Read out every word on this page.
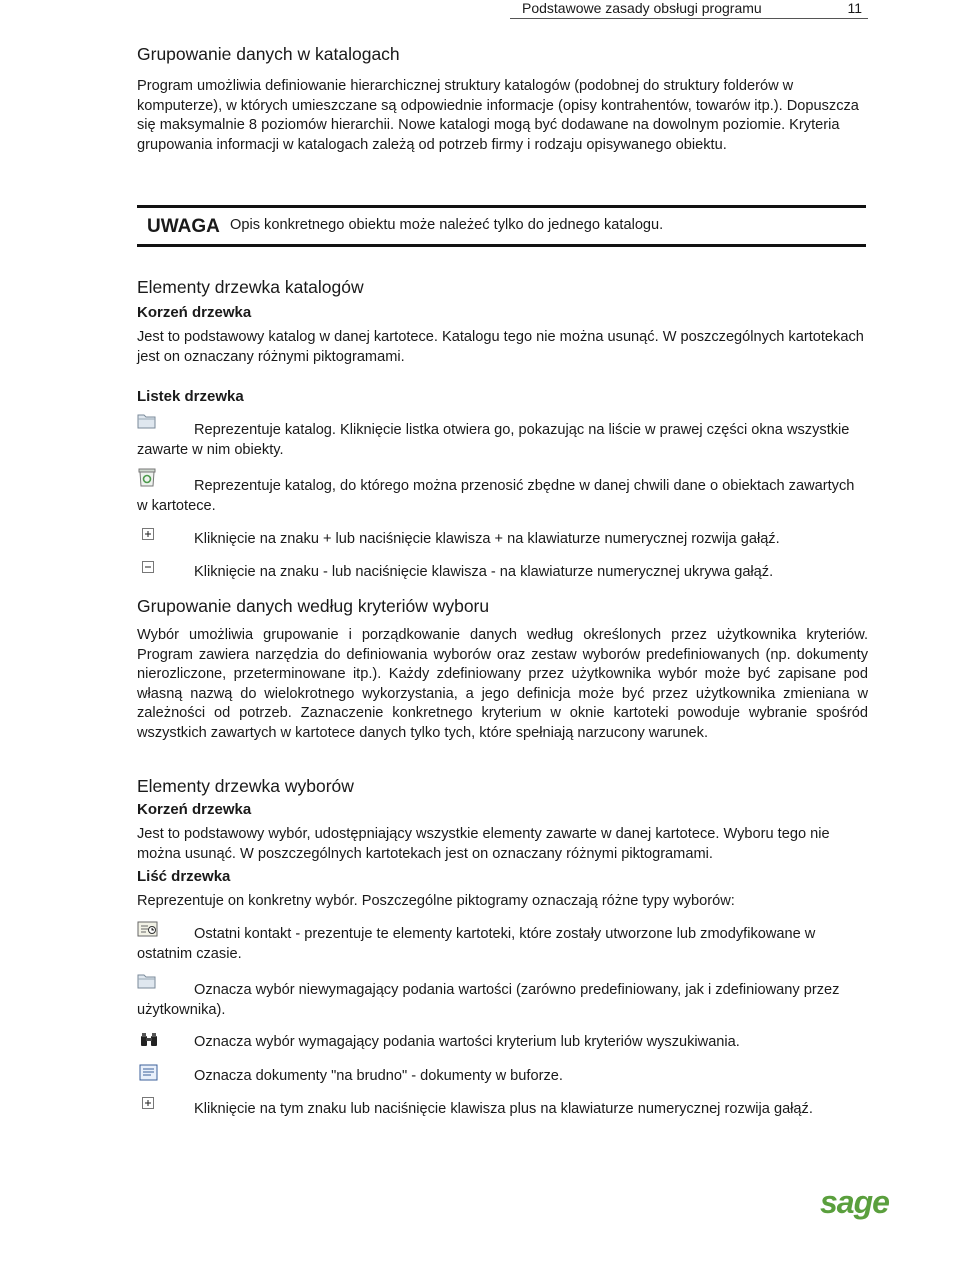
Podstawowe zasady obsługi programu	11
Grupowanie danych w katalogach

Program umożliwia definiowanie hierarchicznej struktury katalogów (podobnej do struktury folderów w komputerze), w których umieszczane są odpowiednie informacje (opisy kontrahentów, towarów itp.). Dopuszcza się maksymalnie 8 poziomów hierarchii. Nowe katalogi mogą być dodawane na dowolnym poziomie. Kryteria grupowania informacji w katalogach zależą od potrzeb firmy i rodzaju opisywanego obiektu.

UWAGA Opis konkretnego obiektu może należeć tylko do jednego katalogu.
Elementy drzewka katalogów
Korzeń drzewka

Jest to podstawowy katalog w danej kartotece. Katalogu tego nie można usunąć. W poszczególnych kartotekach jest on oznaczany różnymi piktogramami.

Listek drzewka

Reprezentuje katalog. Kliknięcie listka otwiera go, pokazując na liście w prawej części okna wszystkie zawarte w nim obiekty.

Reprezentuje katalog, do którego można przenosić zbędne w danej chwili dane o obiektach zawartych w kartotece.

Kliknięcie na znaku + lub naciśnięcie klawisza + na klawiaturze numerycznej rozwija gałąź.

Kliknięcie na znaku - lub naciśnięcie klawisza - na klawiaturze numerycznej ukrywa gałąź.

Grupowanie danych według kryteriów wyboru

Wybór umożliwia grupowanie i porządkowanie danych według określonych przez użytkownika kryteriów. Program zawiera narzędzia do definiowania wyborów oraz zestaw wyborów predefiniowanych (np. dokumenty nierozliczone, przeterminowane itp.). Każdy zdefiniowany przez użytkownika wybór może być zapisane pod własną nazwą do wielokrotnego wykorzystania, a jego definicja może być przez użytkownika zmieniana w zależności od potrzeb. Zaznaczenie konkretnego kryterium w oknie kartoteki powoduje wybranie spośród wszystkich zawartych w kartotece danych tylko tych, które spełniają narzucony warunek.

Elementy drzewka wyborów
Korzeń drzewka

Jest to podstawowy wybór, udostępniający wszystkie elementy zawarte w danej kartotece. Wyboru tego nie można usunąć. W poszczególnych kartotekach jest on oznaczany różnymi piktogramami.

Liść drzewka

Reprezentuje on konkretny wybór. Poszczególne piktogramy oznaczają różne typy wyborów:

Ostatni kontakt - prezentuje te elementy kartoteki, które zostały utworzone lub zmodyfikowane w ostatnim czasie.

Oznacza wybór niewymagający podania wartości (zarówno predefiniowany, jak i zdefiniowany przez użytkownika).

Oznacza wybór wymagający podania wartości kryterium lub kryteriów wyszukiwania.

Oznacza dokumenty "na brudno" - dokumenty w buforze.

Kliknięcie na tym znaku lub naciśnięcie klawisza plus na klawiaturze numerycznej rozwija gałąź.

sage
